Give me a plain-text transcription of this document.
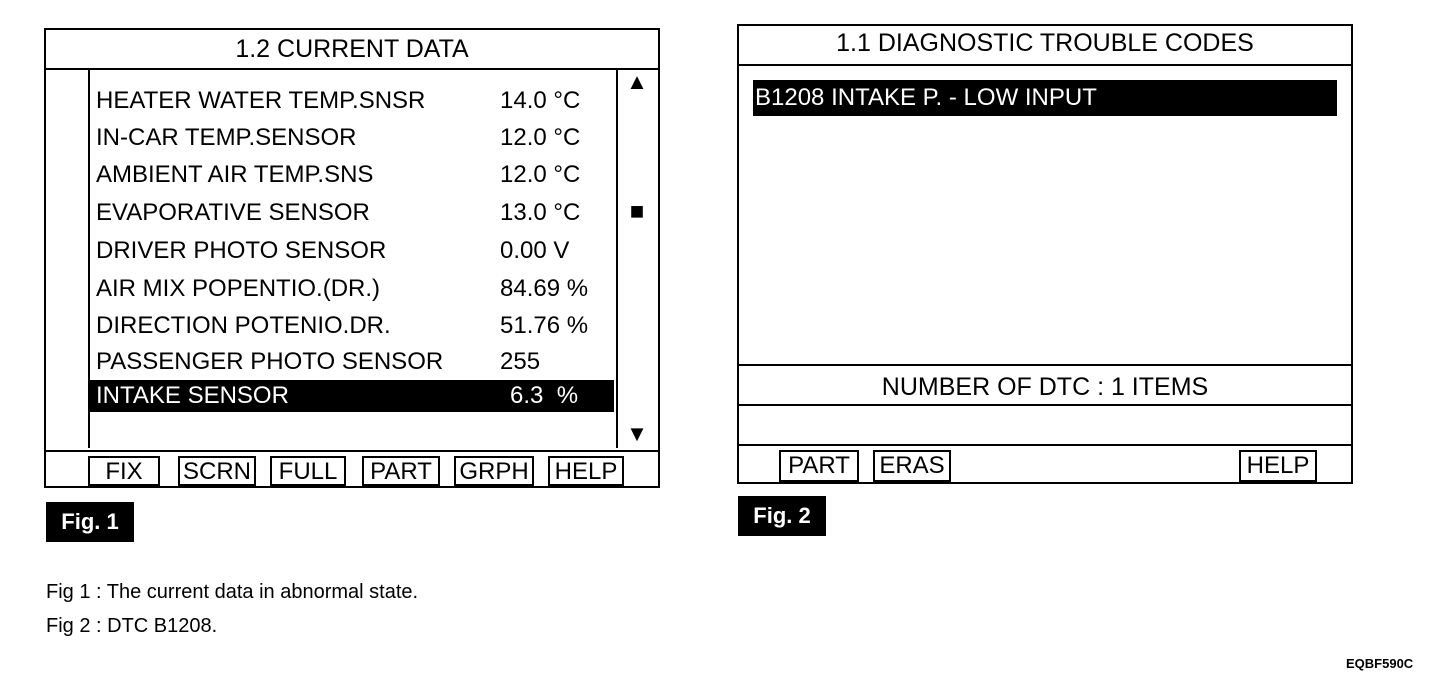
1.2 CURRENT DATA
HEATER WATER TEMP.SNSR	14.0 °C
IN-CAR TEMP.SENSOR	12.0 °C
AMBIENT AIR TEMP.SNS	12.0 °C
EVAPORATIVE SENSOR	13.0 °C
DRIVER PHOTO SENSOR	0.00 V
AIR MIX POPENTIO.(DR.)	84.69 %
DIRECTION POTENIO.DR.	51.76 %
PASSENGER PHOTO SENSOR 255
INTAKE SENSOR	6.3  %
▲
■
▼
FIX	SCRN	FULL	PART	GRPH HELP
Fig. 1
1.1 DIAGNOSTIC TROUBLE CODES
B1208 INTAKE P. - LOW INPUT
NUMBER OF DTC : 1 ITEMS
PART	ERAS	HELP
Fig. 2
Fig 1 : The current data in abnormal state.
Fig 2 : DTC B1208.
EQBF590C
